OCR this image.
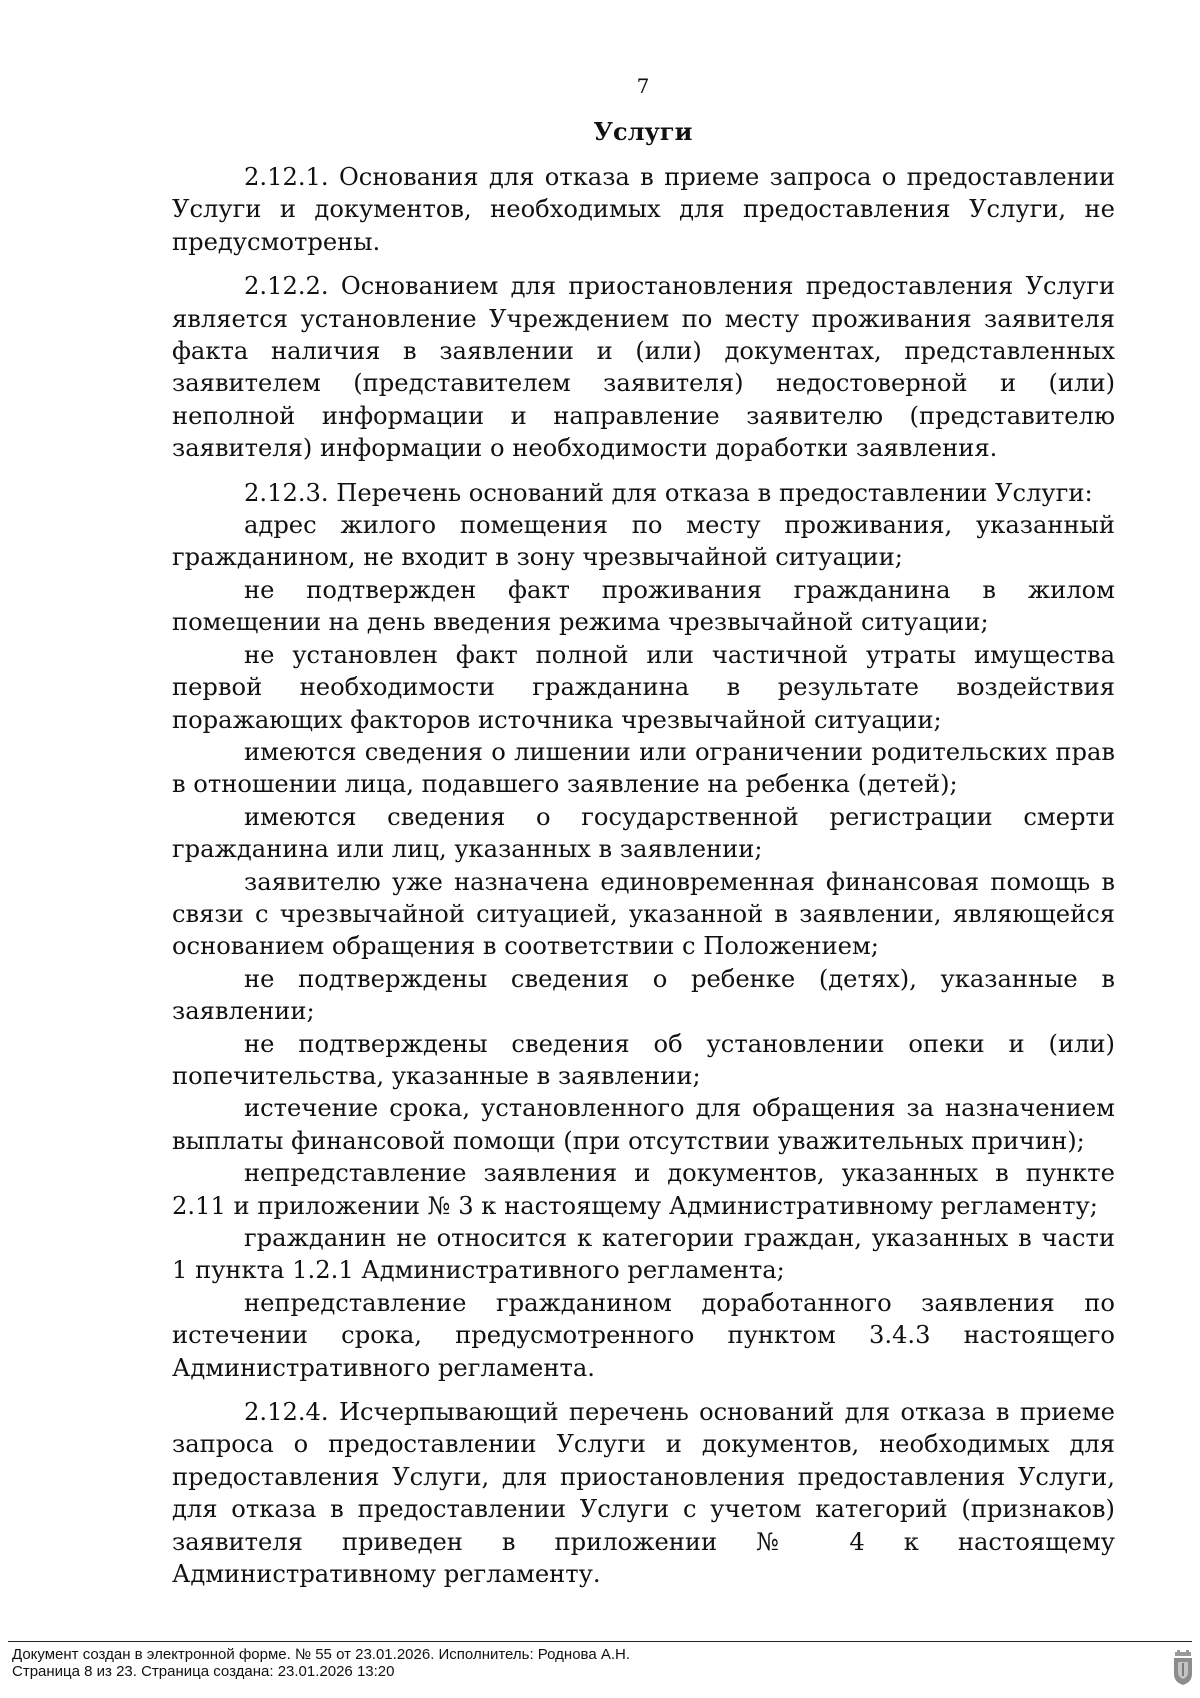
7
Услуги

2.12.1. Основания для отказа в приеме запроса о предоставлении Услуги и документов, необходимых для предоставления Услуги, не предусмотрены.

2.12.2. Основанием для приостановления предоставления Услуги является установление Учреждением по месту проживания заявителя факта наличия в заявлении и (или) документах, представленных заявителем (представителем заявителя) недостоверной и (или) неполной информации и направление заявителю (представителю заявителя) информации о необходимости доработки заявления.

2.12.3. Перечень оснований для отказа в предоставлении Услуги:

адрес жилого помещения по месту проживания, указанный гражданином, не входит в зону чрезвычайной ситуации;

не подтвержден факт проживания гражданина в жилом помещении на день введения режима чрезвычайной ситуации;

не установлен факт полной или частичной утраты имущества первой необходимости гражданина в результате воздействия поражающих факторов источника чрезвычайной ситуации;

имеются сведения о лишении или ограничении родительских прав в отношении лица, подавшего заявление на ребенка (детей);

имеются сведения о государственной регистрации смерти гражданина или лиц, указанных в заявлении;

заявителю уже назначена единовременная финансовая помощь в связи с чрезвычайной ситуацией, указанной в заявлении, являющейся основанием обращения в соответствии с Положением;

не подтверждены сведения о ребенке (детях), указанные в заявлении;

не подтверждены сведения об установлении опеки и (или) попечительства, указанные в заявлении;

истечение срока, установленного для обращения за назначением выплаты финансовой помощи (при отсутствии уважительных причин);

непредставление заявления и документов, указанных в пункте 2.11 и приложении № 3 к настоящему Административному регламенту;

гражданин не относится к категории граждан, указанных в части 1 пункта 1.2.1 Административного регламента;

непредставление гражданином доработанного заявления по истечении срока, предусмотренного пунктом 3.4.3 настоящего Административного регламента.

2.12.4. Исчерпывающий перечень оснований для отказа в приеме запроса о предоставлении Услуги и документов, необходимых для предоставления Услуги, для приостановления предоставления Услуги, для отказа в предоставлении Услуги с учетом категорий (признаков) заявителя приведен в приложении № 4 к настоящему Административному регламенту.

Документ создан в электронной форме. № 55 от 23.01.2026. Исполнитель: Роднова А.Н.
Страница 8 из 23. Страница создана: 23.01.2026 13:20
